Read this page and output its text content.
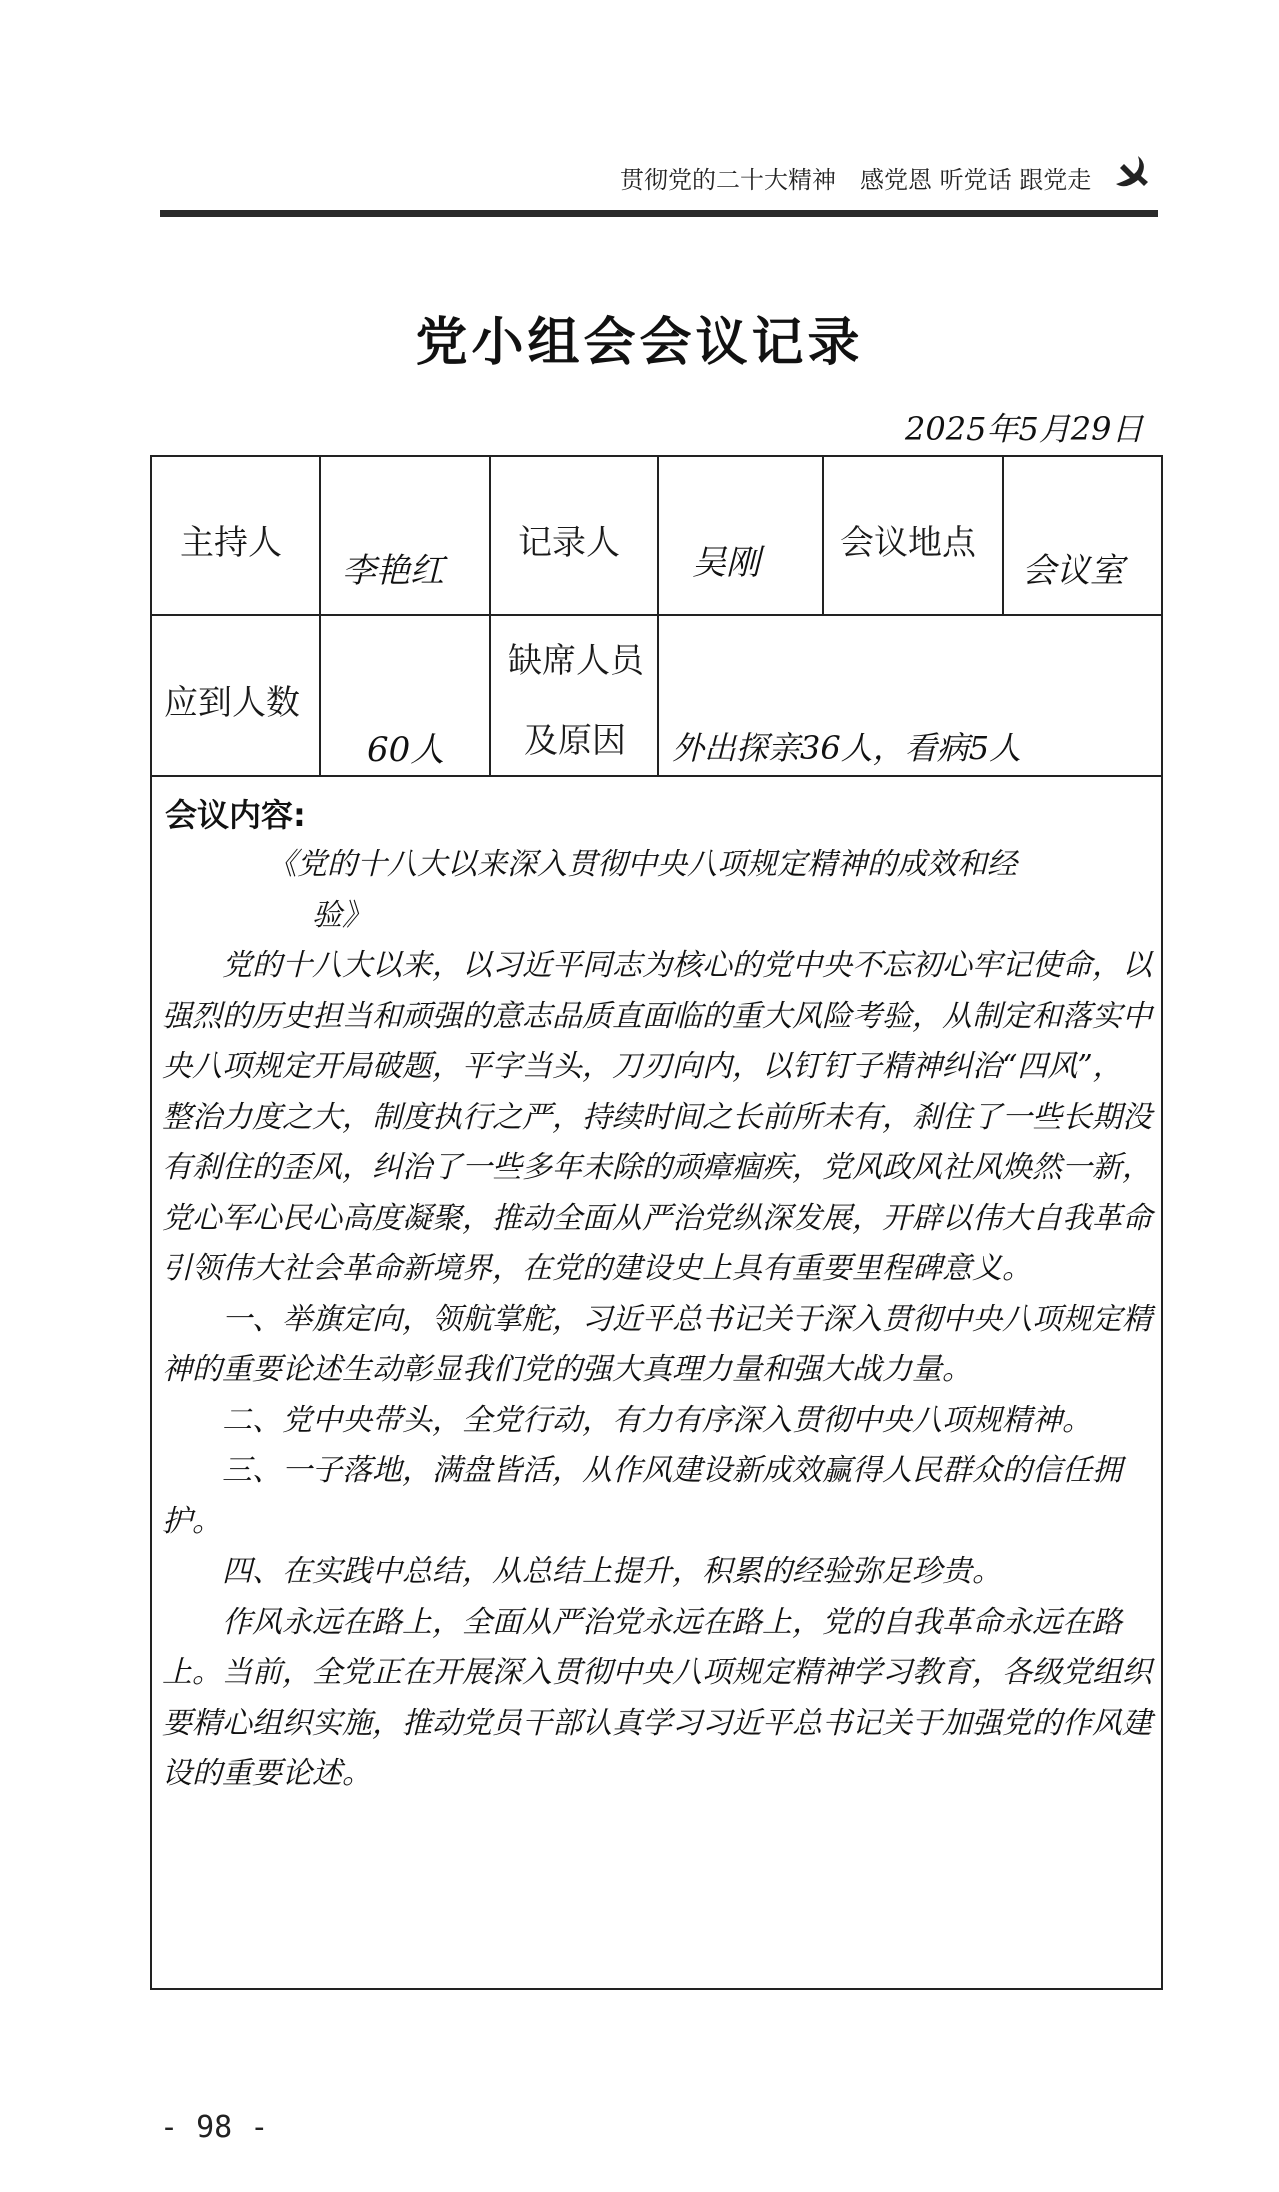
贯彻党的二十大精神　感党恩 听党话 跟党走
党小组会会议记录
2025年5月29日
主持人
李艳红
记录人 吴刚 会议地点
会议室
应到人数
60人
缺席人员
及原因 外出探亲36人，看病5人
会议内容:

《党的十八大以来深入贯彻中央八项规定精神的成效和经

验》

党的十八大以来，以习近平同志为核心的党中央不忘初心牢记使命，以强烈的历史担当和顽强的意志品质直面临的重大风险考验，从制定和落实中央八项规定开局破题，平字当头，刀刃向内，以钉钉子精神纠治“四风”，整治力度之大，制度执行之严，持续时间之长前所未有，刹住了一些长期没有刹住的歪风，纠治了一些多年未除的顽瘴痼疾，党风政风社风焕然一新，党心军心民心高度凝聚，推动全面从严治党纵深发展，开辟以伟大自我革命引领伟大社会革命新境界，在党的建设史上具有重要里程碑意义。

一、举旗定向，领航掌舵，习近平总书记关于深入贯彻中央八项规定精神的重要论述生动彰显我们党的强大真理力量和强大战力量。

二、党中央带头，全党行动，有力有序深入贯彻中央八项规精神。

三、一子落地，满盘皆活，从作风建设新成效赢得人民群众的信任拥护。

四、在实践中总结，从总结上提升，积累的经验弥足珍贵。

作风永远在路上，全面从严治党永远在路上，党的自我革命永远在路上。当前，全党正在开展深入贯彻中央八项规定精神学习教育，各级党组织要精心组织实施，推动党员干部认真学习习近平总书记关于加强党的作风建设的重要论述。

- 98 -
